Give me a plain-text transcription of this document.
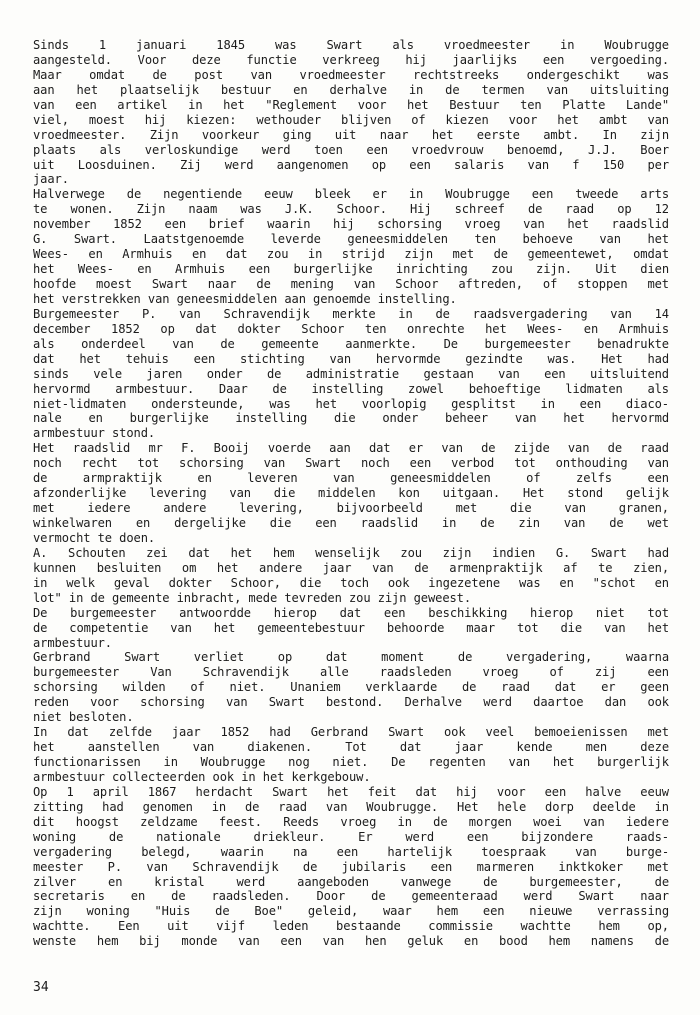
Sinds 1 januari 1845 was Swart als vroedmeester in Woubrugge
aangesteld. Voor deze functie verkreeg hij jaarlijks een vergoeding.
Maar omdat de post van vroedmeester rechtstreeks ondergeschikt was
aan het plaatselijk bestuur en derhalve in de termen van uitsluiting
van een artikel in het "Reglement voor het Bestuur ten Platte Lande"
viel, moest hij kiezen: wethouder blijven of kiezen voor het ambt van
vroedmeester. Zijn voorkeur ging uit naar het eerste ambt. In zijn
plaats als verloskundige werd toen een vroedvrouw benoemd, J.J. Boer
uit Loosduinen. Zij werd aangenomen op een salaris van f 150 per
jaar.
Halverwege de negentiende eeuw bleek er in Woubrugge een tweede arts
te wonen. Zijn naam was J.K. Schoor. Hij schreef de raad op 12
november 1852 een brief waarin hij schorsing vroeg van het raadslid
G. Swart. Laatstgenoemde leverde geneesmiddelen ten behoeve van het
Wees- en Armhuis en dat zou in strijd zijn met de gemeentewet, omdat
het Wees- en Armhuis een burgerlijke inrichting zou zijn. Uit dien
hoofde moest Swart naar de mening van Schoor aftreden, of stoppen met
het verstrekken van geneesmiddelen aan genoemde instelling.
Burgemeester P. van Schravendijk merkte in de raadsvergadering van 14
december 1852 op dat dokter Schoor ten onrechte het Wees- en Armhuis
als onderdeel van de gemeente aanmerkte. De burgemeester benadrukte
dat het tehuis een stichting van hervormde gezindte was. Het had
sinds vele jaren onder de administratie gestaan van een uitsluitend
hervormd armbestuur. Daar de instelling zowel behoeftige lidmaten als
niet-lidmaten ondersteunde, was het voorlopig gesplitst in een diaco-
nale en burgerlijke instelling die onder beheer van het hervormd
armbestuur stond.
Het raadslid mr F. Booij voerde aan dat er van de zijde van de raad
noch recht tot schorsing van Swart noch een verbod tot onthouding van
de armpraktijk en leveren van geneesmiddelen of zelfs een
afzonderlijke levering van die middelen kon uitgaan. Het stond gelijk
met iedere andere levering, bijvoorbeeld met die van granen,
winkelwaren en dergelijke die een raadslid in de zin van de wet
vermocht te doen.
A. Schouten zei dat het hem wenselijk zou zijn indien G. Swart had
kunnen besluiten om het andere jaar van de armenpraktijk af te zien,
in welk geval dokter Schoor, die toch ook ingezetene was en "schot en
lot" in de gemeente inbracht, mede tevreden zou zijn geweest.
De burgemeester antwoordde hierop dat een beschikking hierop niet tot
de competentie van het gemeentebestuur behoorde maar tot die van het
armbestuur.
Gerbrand Swart verliet op dat moment de vergadering, waarna
burgemeester Van Schravendijk alle raadsleden vroeg of zij een
schorsing wilden of niet. Unaniem verklaarde de raad dat er geen
reden voor schorsing van Swart bestond. Derhalve werd daartoe dan ook
niet besloten.
In dat zelfde jaar 1852 had Gerbrand Swart ook veel bemoeienissen met
het aanstellen van diakenen. Tot dat jaar kende men deze
functionarissen in Woubrugge nog niet. De regenten van het burgerlijk
armbestuur collecteerden ook in het kerkgebouw.
Op 1 april 1867 herdacht Swart het feit dat hij voor een halve eeuw
zitting had genomen in de raad van Woubrugge. Het hele dorp deelde in
dit hoogst zeldzame feest. Reeds vroeg in de morgen woei van iedere
woning de nationale driekleur. Er werd een bijzondere raads-
vergadering belegd, waarin na een hartelijk toespraak van burge-
meester P. van Schravendijk de jubilaris een marmeren inktkoker met
zilver en kristal werd aangeboden vanwege de burgemeester, de
secretaris en de raadsleden. Door de gemeenteraad werd Swart naar
zijn woning "Huis de Boe" geleid, waar hem een nieuwe verrassing
wachtte. Een uit vijf leden bestaande commissie wachtte hem op,
wenste hem bij monde van een van hen geluk en bood hem namens de
34
